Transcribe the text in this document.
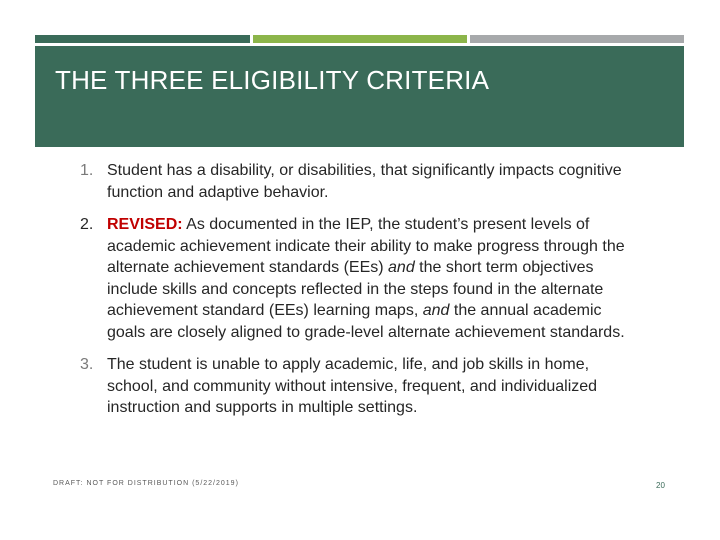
THE THREE ELIGIBILITY CRITERIA
1. Student has a disability, or disabilities, that significantly impacts cognitive function and adaptive behavior.
2. REVISED: As documented in the IEP, the student’s present levels of academic achievement indicate their ability to make progress through the alternate achievement standards (EEs) and the short term objectives include skills and concepts reflected in the steps found in the alternate achievement standard (EEs) learning maps, and the annual academic goals are closely aligned to grade-level alternate achievement standards.
3. The student is unable to apply academic, life, and job skills in home, school, and community without intensive, frequent, and individualized instruction and supports in multiple settings.
DRAFT: NOT FOR DISTRIBUTION (5/22/2019)	20
